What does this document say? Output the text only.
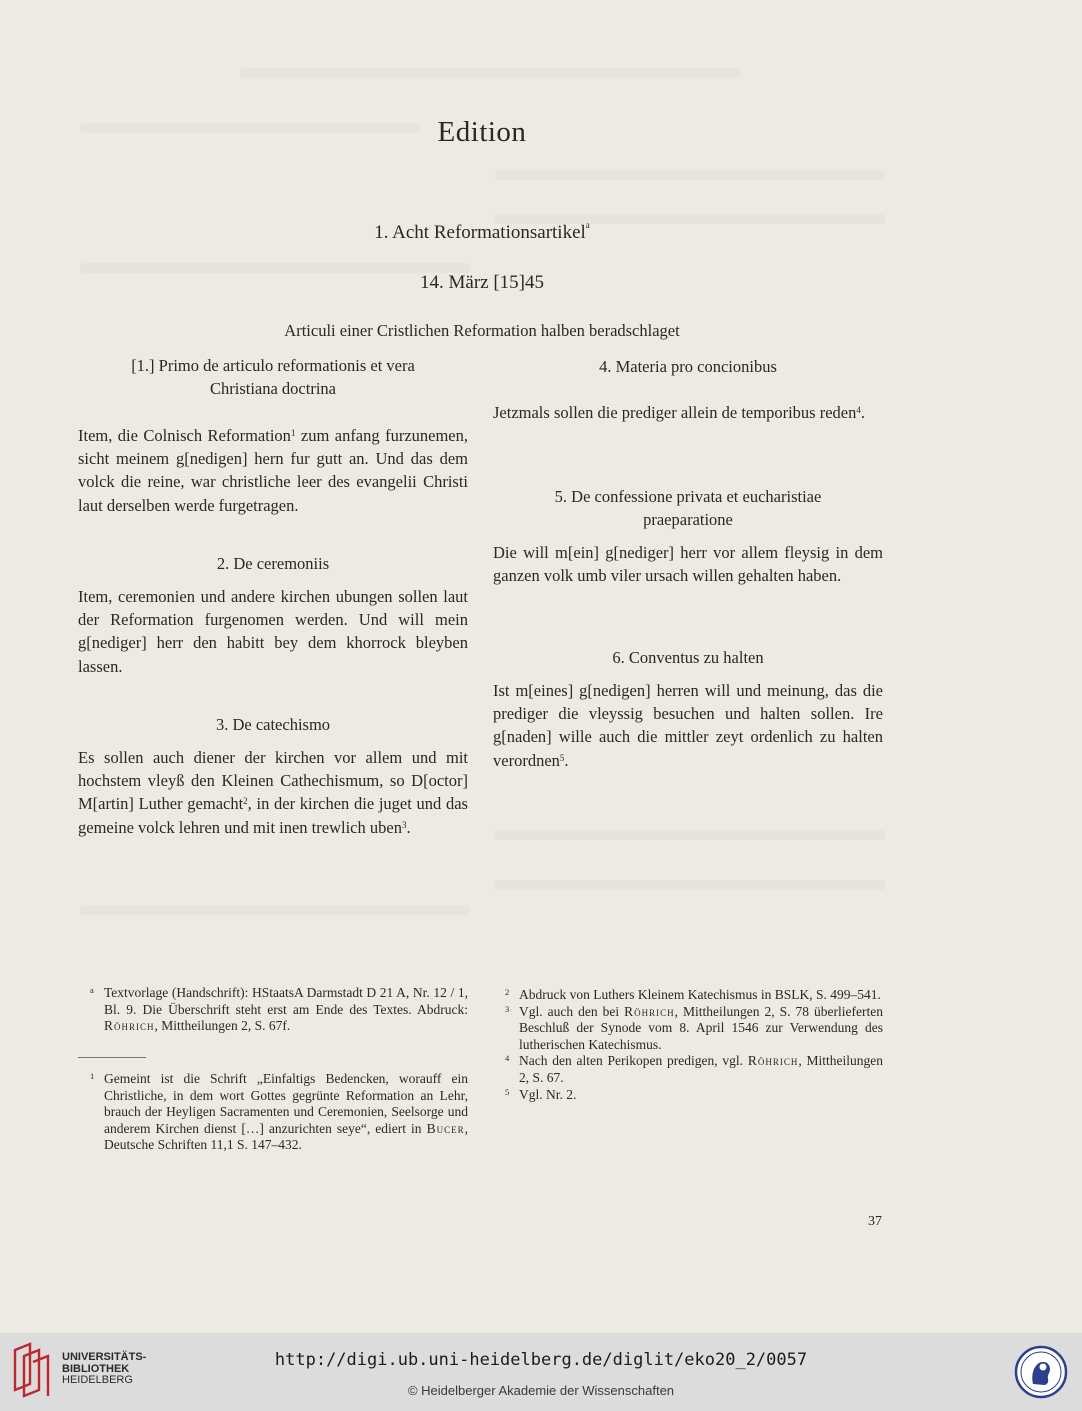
Edition
1. Acht Reformationsartikel$^a$
14. März [15]45
Articuli einer Cristlichen Reformation halben beradschlaget
[1.] Primo de articulo reformationis et vera
Christiana doctrina
Item, die Colnisch Reformation$^1$ zum anfang furzunemen, sicht meinem g[nedigen] hern fur gutt an. Und das dem volck die reine, war christliche leer des evangelii Christi laut derselben werde furgetragen.
2. De ceremoniis
Item, ceremonien und andere kirchen ubungen sollen laut der Reformation furgenomen werden. Und will mein g[nediger] herr den habitt bey dem khorrock bleyben lassen.
3. De catechismo
Es sollen auch diener der kirchen vor allem und mit hochstem vleyß den Kleinen Cathechismum, so D[octor] M[artin] Luther gemacht$^2$, in der kirchen die juget und das gemeine volck lehren und mit inen trewlich uben$^3$.
4. Materia pro concionibus
Jetzmals sollen die prediger allein de temporibus reden$^4$.
5. De confessione privata et eucharistiae
praeparatione
Die will m[ein] g[nediger] herr vor allem fleysig in dem ganzen volk umb viler ursach willen gehalten haben.
6. Conventus zu halten
Ist m[eines] g[nedigen] herren will und meinung, das die prediger die vleyssig besuchen und halten sollen. Ire g[naden] wille auch die mittler zeyt ordenlich zu halten verordnen$^5$.
a Textvorlage (Handschrift): HStaatsA Darmstadt D 21 A, Nr. 12 / 1, Bl. 9. Die Überschrift steht erst am Ende des Textes. Abdruck: Röhrich, Mittheilungen 2, S. 67f.
1 Gemeint ist die Schrift „Einfaltigs Bedencken, worauff ein Christliche, in dem wort Gottes gegrünte Reformation an Lehr, brauch der Heyligen Sacramenten und Ceremonien, Seelsorge und anderem Kirchen dienst […] anzurichten seye“, ediert in Bucer, Deutsche Schriften 11,1 S. 147–432.
2 Abdruck von Luthers Kleinem Katechismus in BSLK, S. 499–541.
3 Vgl. auch den bei Röhrich, Mittheilungen 2, S. 78 überlieferten Beschluß der Synode vom 8. April 1546 zur Verwendung des lutherischen Katechismus.
4 Nach den alten Perikopen predigen, vgl. Röhrich, Mittheilungen 2, S. 67.
5 Vgl. Nr. 2.
37
UNIVERSITÄTS-
BIBLIOTHEK
HEIDELBERG
http://digi.ub.uni-heidelberg.de/diglit/eko20_2/0057
© Heidelberger Akademie der Wissenschaften
